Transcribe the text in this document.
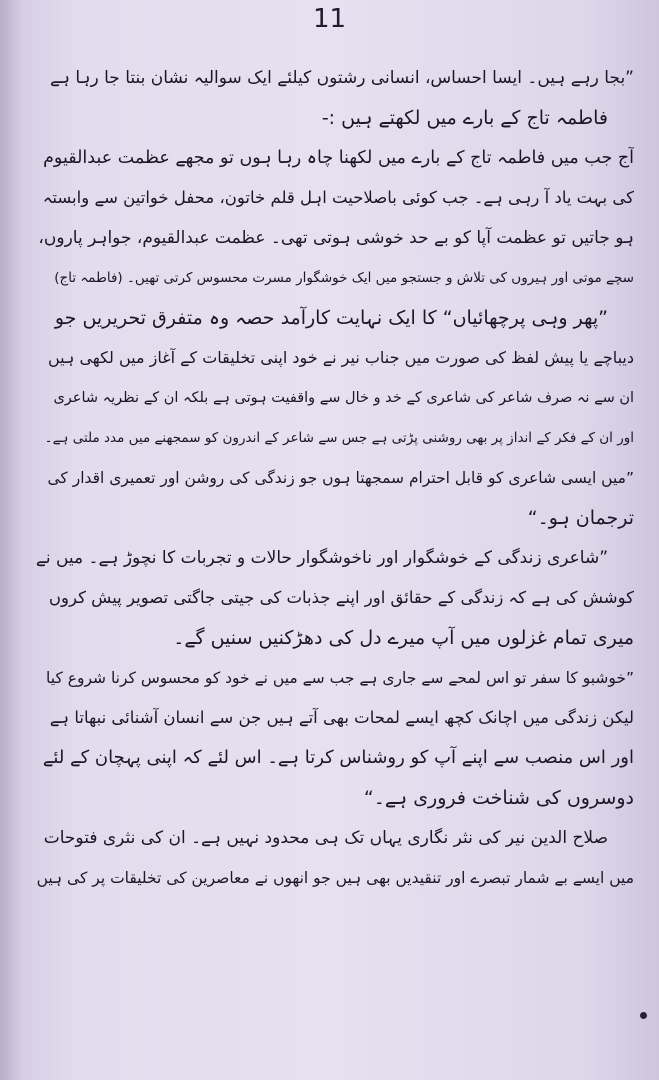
11
”بجا رہے ہیں۔ ایسا احساس، انسانی رشتوں کیلئے ایک سوالیہ نشان بنتا جا رہا ہے
فاطمہ تاج کے بارے میں لکھتے ہیں :-
آج جب میں فاطمہ تاج کے بارے میں لکھنا چاہ رہا ہوں تو مجھے عظمت عبدالقیوم
کی بہت یاد آ رہی ہے۔ جب کوئی باصلاحیت اہل قلم خاتون، محفل خواتین سے وابستہ
ہو جاتیں تو عظمت آپا کو بے حد خوشی ہوتی تھی۔ عظمت عبدالقیوم، جواہر پاروں،
سچے موتی اور ہیروں کی تلاش و جستجو میں ایک خوشگوار مسرت محسوس کرتی تھیں۔ (فاطمہ تاج)
”پھر وہی پرچھائیاں“ کا ایک نہایت کارآمد حصہ وہ متفرق تحریریں جو
دیباچے یا پیش لفظ کی صورت میں جناب نیر نے خود اپنی تخلیقات کے آغاز میں لکھی ہیں
ان سے نہ صرف شاعر کی شاعری کے خد و خال سے واقفیت ہوتی ہے بلکہ ان کے نظریہ شاعری
اور ان کے فکر کے انداز پر بھی روشنی پڑتی ہے جس سے شاعر کے اندرون کو سمجھنے میں مدد ملتی ہے۔
”میں ایسی شاعری کو قابل احترام سمجھتا ہوں جو زندگی کی روشن اور تعمیری اقدار کی
ترجمان ہو۔“
”شاعری زندگی کے خوشگوار اور ناخوشگوار حالات و تجربات کا نچوڑ ہے۔ میں نے
کوشش کی ہے کہ زندگی کے حقائق اور اپنے جذبات کی جیتی جاگتی تصویر پیش کروں
میری تمام غزلوں میں آپ میرے دل کی دھڑکنیں سنیں گے۔
”خوشبو کا سفر تو اس لمحے سے جاری ہے جب سے میں نے خود کو محسوس کرنا شروع کیا
لیکن زندگی میں اچانک کچھ ایسے لمحات بھی آتے ہیں جن سے انسان آشنائی نبھاتا ہے
اور اس منصب سے اپنے آپ کو روشناس کرتا ہے۔ اس لئے کہ اپنی پہچان کے لئے
دوسروں کی شناخت فروری ہے۔“
صلاح الدین نیر کی نثر نگاری یہاں تک ہی محدود نہیں ہے۔ ان کی نثری فتوحات
میں ایسے بے شمار تبصرے اور تنقیدیں بھی ہیں جو انھوں نے معاصرین کی تخلیقات پر کی ہیں
